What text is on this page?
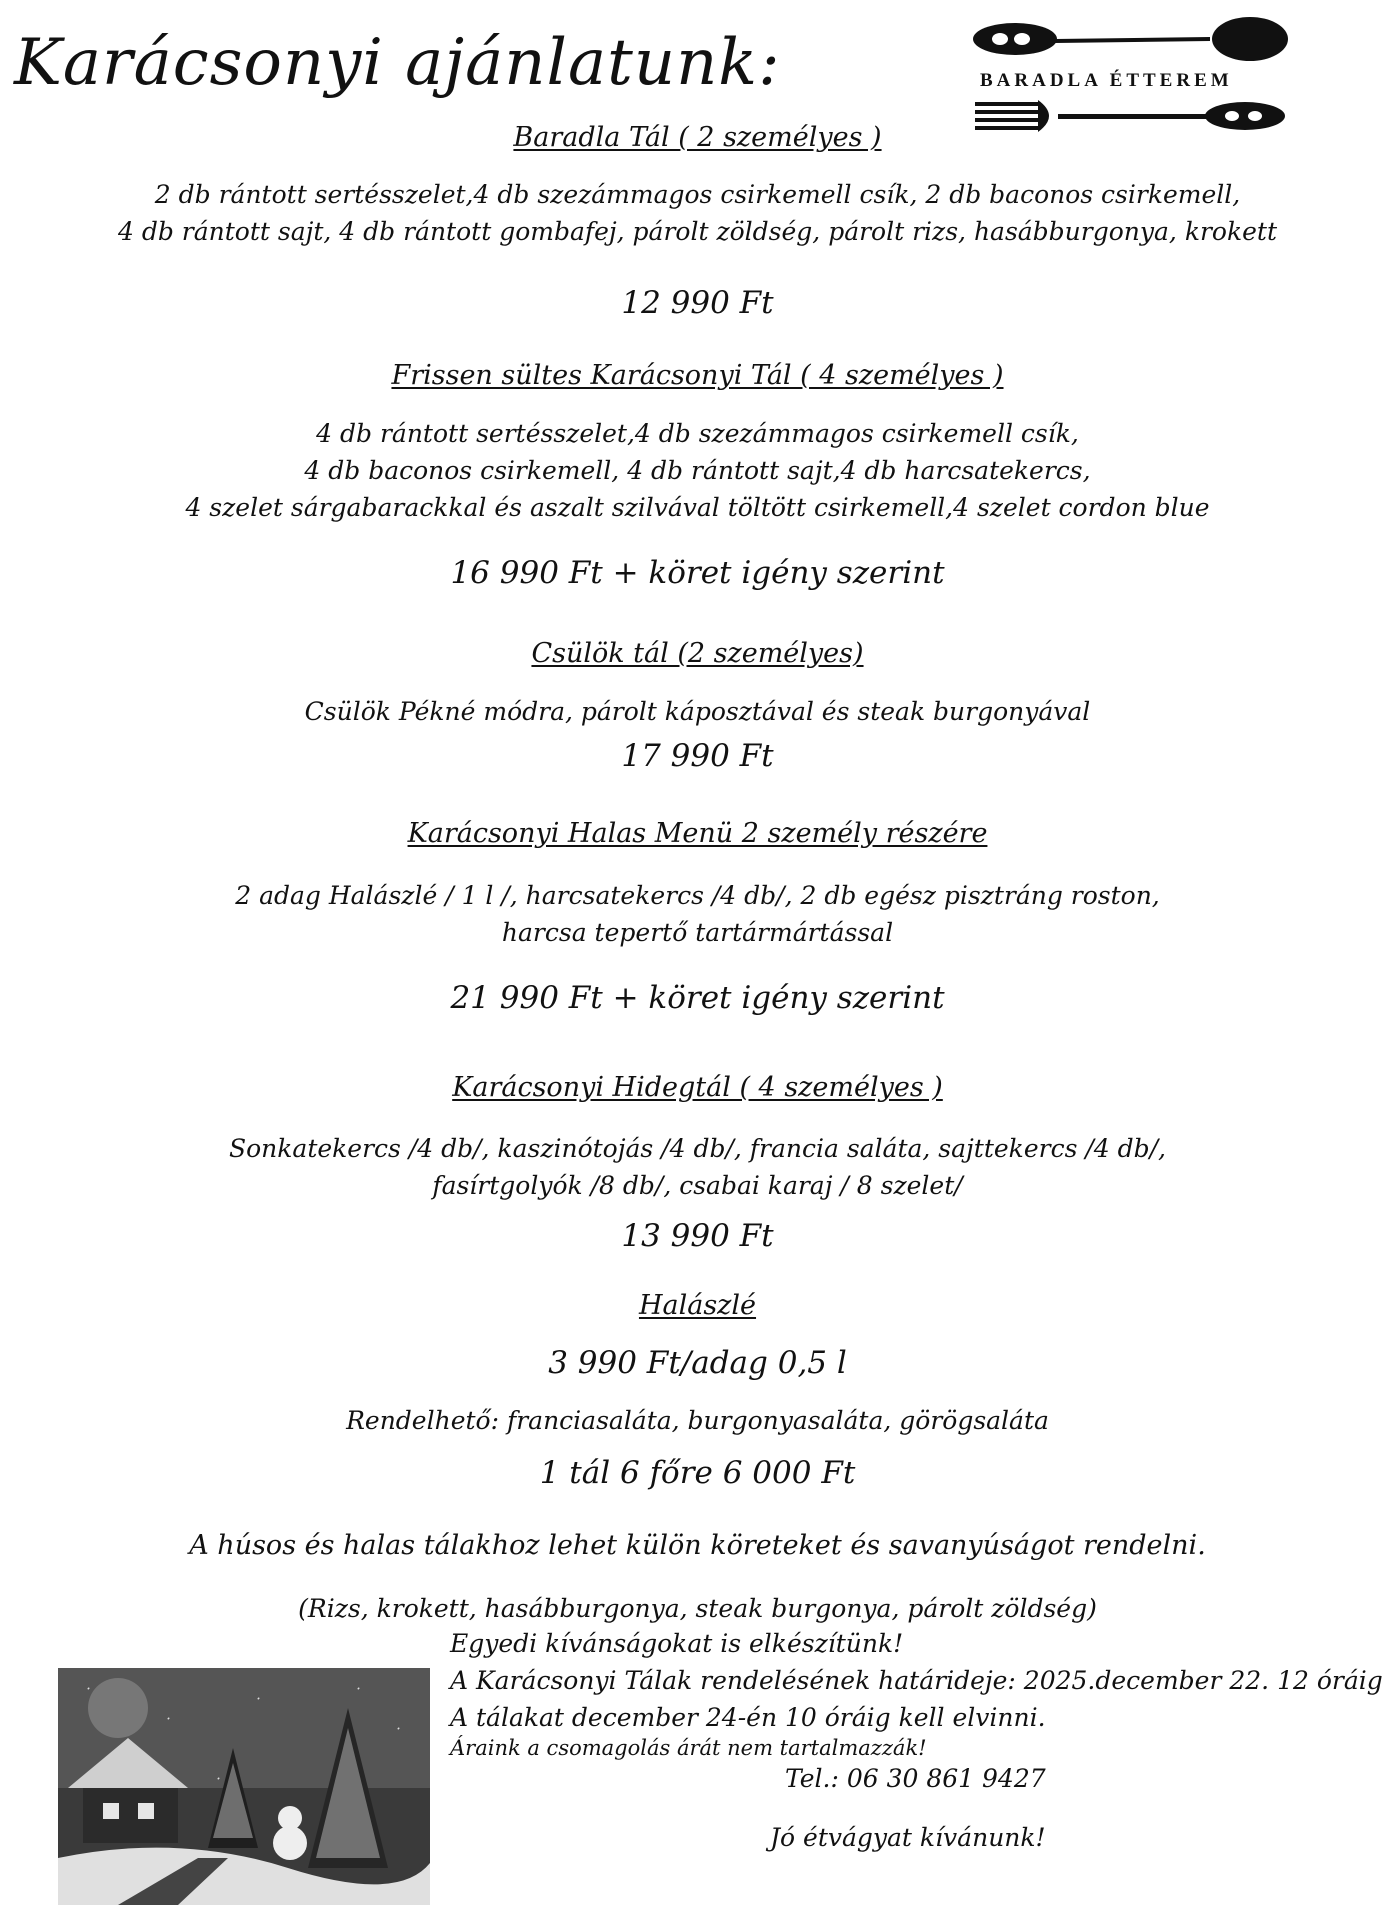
Karácsonyi ajánlatunk:	BARADLA ÉTTEREM
Baradla Tál ( 2 személyes )
2 db rántott sertésszelet,4 db szezámmagos csirkemell csík, 2 db baconos csirkemell,
4 db rántott sajt, 4 db rántott gombafej, párolt zöldség, párolt rizs, hasábburgonya, krokett
12 990 Ft
Frissen sültes Karácsonyi Tál ( 4 személyes )
4 db rántott sertésszelet,4 db szezámmagos csirkemell csík,
4 db baconos csirkemell, 4 db rántott sajt,4 db harcsatekercs,
4 szelet sárgabarackkal és aszalt szilvával töltött csirkemell,4 szelet cordon blue
16 990 Ft + köret igény szerint
Csülök tál (2 személyes)
Csülök Pékné módra, párolt káposztával és steak burgonyával
17 990 Ft
Karácsonyi Halas Menü 2 személy részére
2 adag Halászlé / 1 l /, harcsatekercs /4 db/, 2 db egész pisztráng roston,
harcsa tepertő tartármártással
21 990 Ft + köret igény szerint
Karácsonyi Hidegtál ( 4 személyes )
Sonkatekercs /4 db/, kaszinótojás /4 db/, francia saláta, sajttekercs /4 db/,
fasírtgolyók /8 db/, csabai karaj / 8 szelet/
13 990 Ft
Halászlé
3 990 Ft/adag 0,5 l
Rendelhető: franciasaláta, burgonyasaláta, görögsaláta
1 tál 6 főre 6 000 Ft
A húsos és halas tálakhoz lehet külön köreteket és savanyúságot rendelni.
(Rizs, krokett, hasábburgonya, steak burgonya, párolt zöldség)
Egyedi kívánságokat is elkészítünk!
A Karácsonyi Tálak rendelésének határideje: 2025.december 22. 12 óráig
A tálakat december 24-én 10 óráig kell elvinni.
Áraink a csomagolás árát nem tartalmazzák!
Tel.: 06 30 861 9427
Jó étvágyat kívánunk!
